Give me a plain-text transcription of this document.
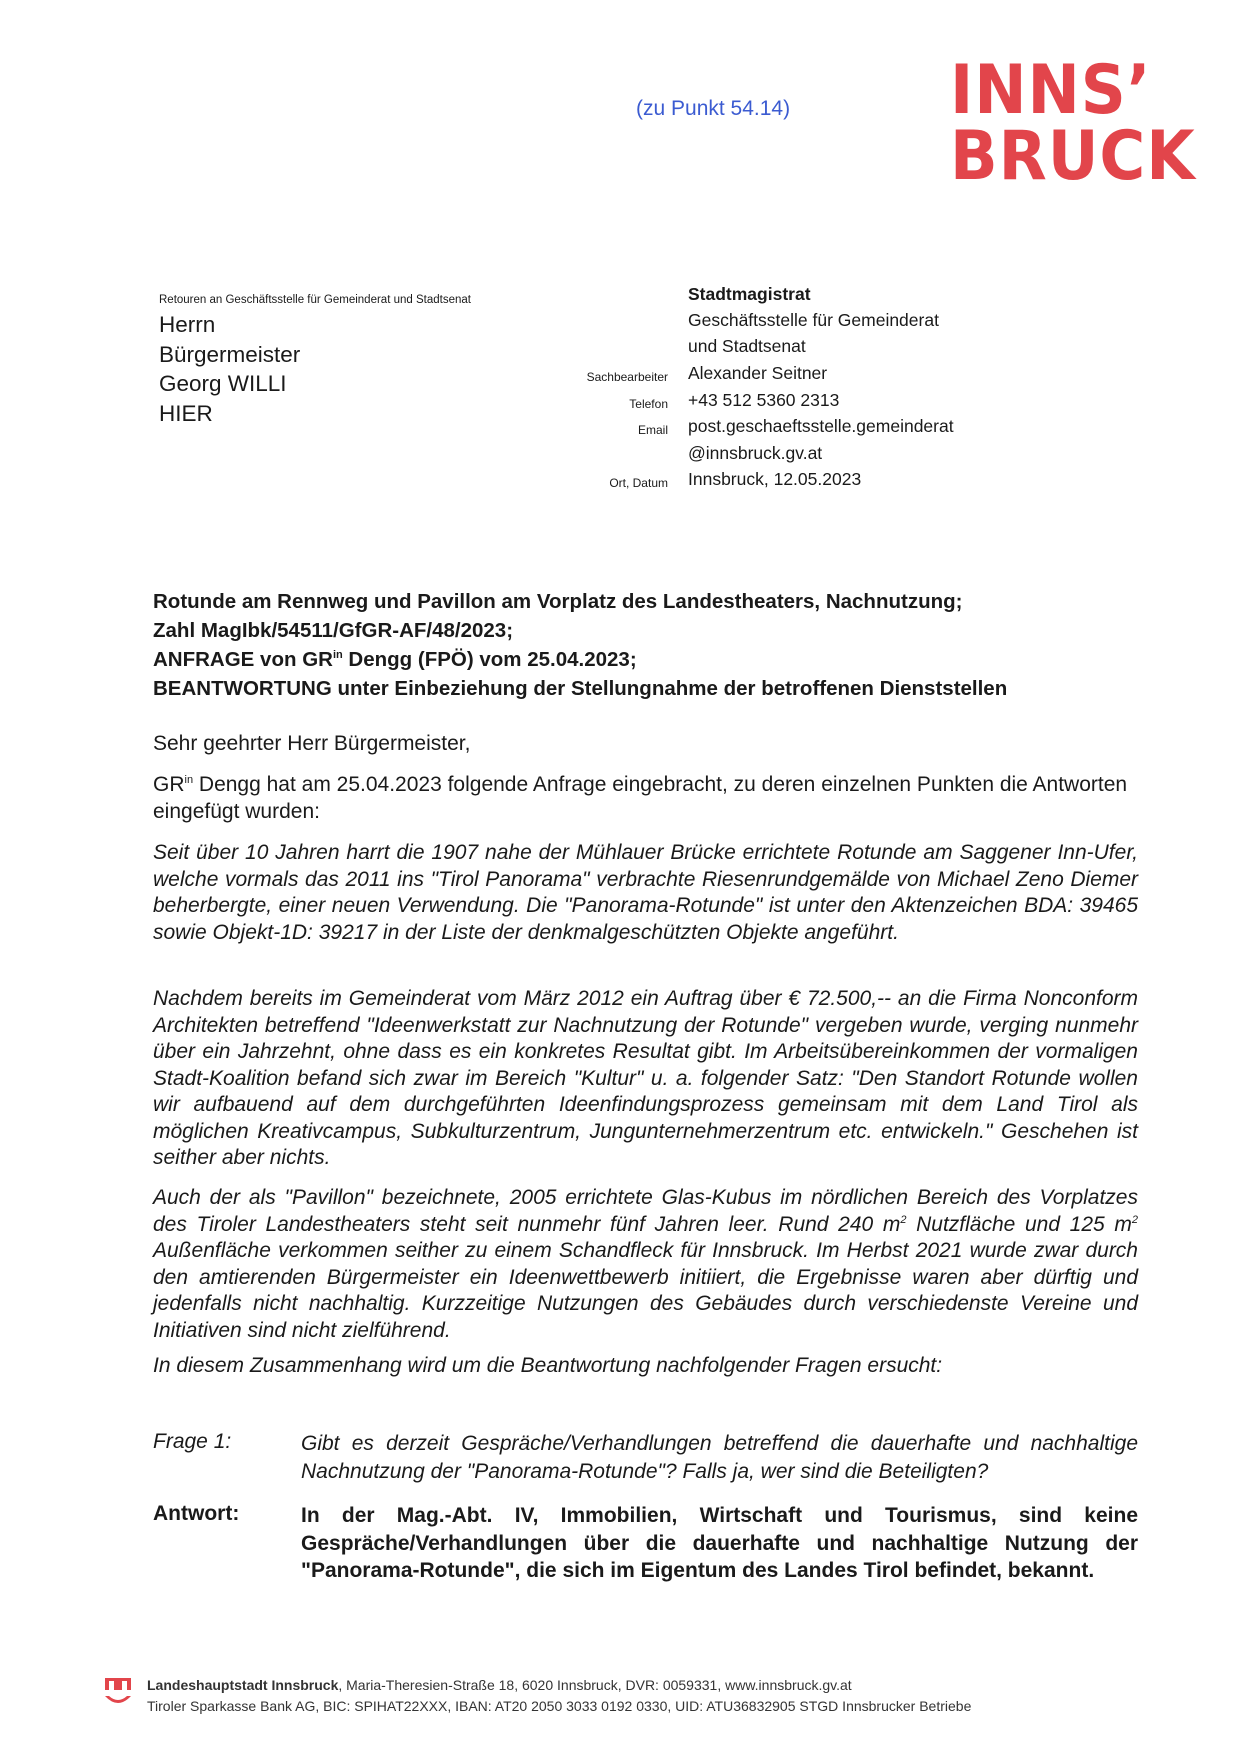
(zu Punkt 54.14) INNS’
BRUCK
Retouren an Geschäftsstelle für Gemeinderat und Stadtsenat
Herrn
Bürgermeister
Georg WILLI
HIER
Stadtmagistrat
Geschäftsstelle für Gemeinderat
und Stadtsenat
Sachbearbeiter Alexander Seitner
Telefon +43 512 5360 2313
Email post.geschaeftsstelle.gemeinderat
@innsbruck.gv.at
Ort, Datum Innsbruck, 12.05.2023
Rotunde am Rennweg und Pavillon am Vorplatz des Landestheaters, Nachnutzung;
Zahl MagIbk/54511/GfGR-AF/48/2023;
ANFRAGE von $GR^{in}$ Dengg (FPÖ) vom 25.04.2023;
BEANTWORTUNG unter Einbeziehung der Stellungnahme der betroffenen Dienststellen
Sehr geehrter Herr Bürgermeister,
$GR^{in}$ Dengg hat am 25.04.2023 folgende Anfrage eingebracht, zu deren einzelnen Punkten die Antworten eingefügt wurden:
Seit über 10 Jahren harrt die 1907 nahe der Mühlauer Brücke errichtete Rotunde am Saggener Inn-Ufer, welche vormals das 2011 ins "Tirol Panorama" verbrachte Riesenrundgemälde von Michael Zeno Diemer beherbergte, einer neuen Verwendung. Die "Panorama-Rotunde" ist unter den Aktenzeichen BDA: 39465 sowie Objekt-1D: 39217 in der Liste der denkmalgeschützten Objekte angeführt.
Nachdem bereits im Gemeinderat vom März 2012 ein Auftrag über € 72.500,-- an die Firma Nonconform Architekten betreffend "Ideenwerkstatt zur Nachnutzung der Rotunde" vergeben wurde, verging nunmehr über ein Jahrzehnt, ohne dass es ein konkretes Resultat gibt. Im Arbeitsübereinkommen der vormaligen Stadt-Koalition befand sich zwar im Bereich "Kultur" u. a. folgender Satz: "Den Standort Rotunde wollen wir aufbauend auf dem durchgeführten Ideenfindungsprozess gemeinsam mit dem Land Tirol als möglichen Kreativcampus, Subkulturzentrum, Jungunternehmerzentrum etc. entwickeln." Geschehen ist seither aber nichts.
Auch der als "Pavillon" bezeichnete, 2005 errichtete Glas-Kubus im nördlichen Bereich des Vorplatzes des Tiroler Landestheaters steht seit nunmehr fünf Jahren leer. Rund 240 $m^2$ Nutzfläche und 125 $m^2$ Außenfläche verkommen seither zu einem Schandfleck für Innsbruck. Im Herbst 2021 wurde zwar durch den amtierenden Bürgermeister ein Ideenwettbewerb initiiert, die Ergebnisse waren aber dürftig und jedenfalls nicht nachhaltig. Kurzzeitige Nutzungen des Gebäudes durch verschiedenste Vereine und Initiativen sind nicht zielführend.
In diesem Zusammenhang wird um die Beantwortung nachfolgender Fragen ersucht:
Frage 1:	Gibt es derzeit Gespräche/Verhandlungen betreffend die dauerhafte und nachhaltige Nachnutzung der "Panorama-Rotunde"? Falls ja, wer sind die Beteiligten?
Antwort:	In der Mag.-Abt. IV, Immobilien, Wirtschaft und Tourismus, sind keine Gespräche/Verhandlungen über die dauerhafte und nachhaltige Nutzung der "Panorama-Rotunde", die sich im Eigentum des Landes Tirol befindet, bekannt.
Landeshauptstadt Innsbruck, Maria-Theresien-Straße 18, 6020 Innsbruck, DVR: 0059331, www.innsbruck.gv.at
Tiroler Sparkasse Bank AG, BIC: SPIHAT22XXX, IBAN: AT20 2050 3033 0192 0330, UID: ATU36832905 STGD Innsbrucker Betriebe
